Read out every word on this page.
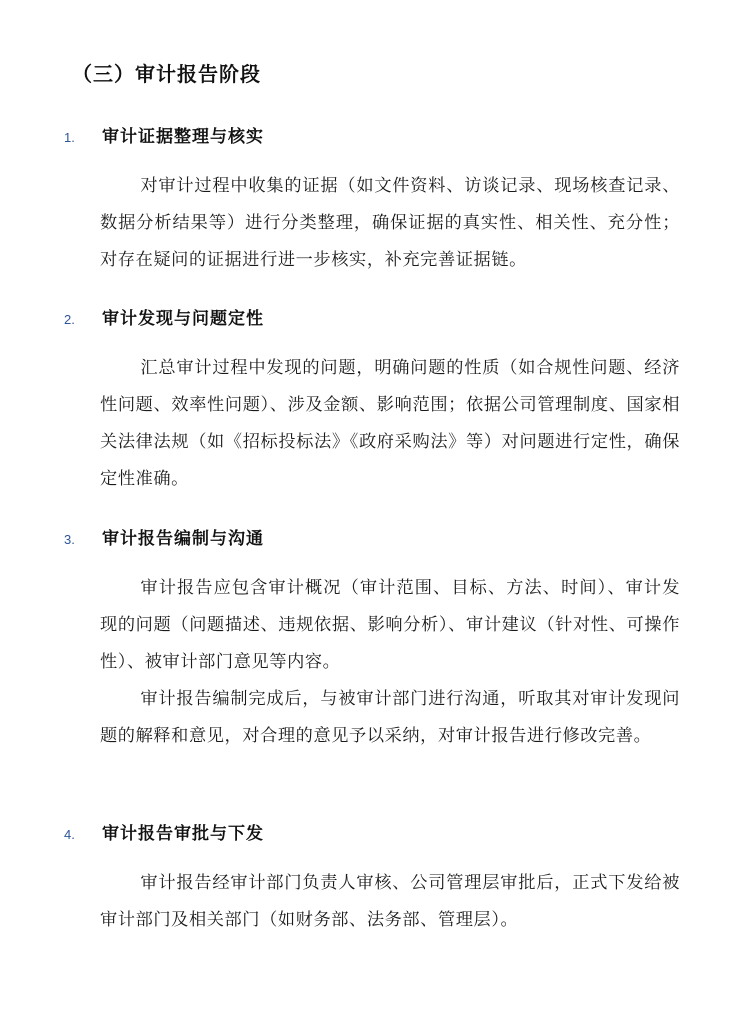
（三）审计报告阶段
1.	审计证据整理与核实

对审计过程中收集的证据（如文件资料、访谈记录、现场核查记录、数据分析结果等）进行分类整理，确保证据的真实性、相关性、充分性；对存在疑问的证据进行进一步核实，补充完善证据链。

2.	审计发现与问题定性

汇总审计过程中发现的问题，明确问题的性质（如合规性问题、经济性问题、效率性问题）、涉及金额、影响范围；依据公司管理制度、国家相关法律法规（如《招标投标法》《政府采购法》等）对问题进行定性，确保定性准确。

3.	审计报告编制与沟通

审计报告应包含审计概况（审计范围、目标、方法、时间）、审计发现的问题（问题描述、违规依据、影响分析）、审计建议（针对性、可操作性）、被审计部门意见等内容。

审计报告编制完成后，与被审计部门进行沟通，听取其对审计发现问题的解释和意见，对合理的意见予以采纳，对审计报告进行修改完善。

4.	审计报告审批与下发

审计报告经审计部门负责人审核、公司管理层审批后，正式下发给被审计部门及相关部门（如财务部、法务部、管理层）。
